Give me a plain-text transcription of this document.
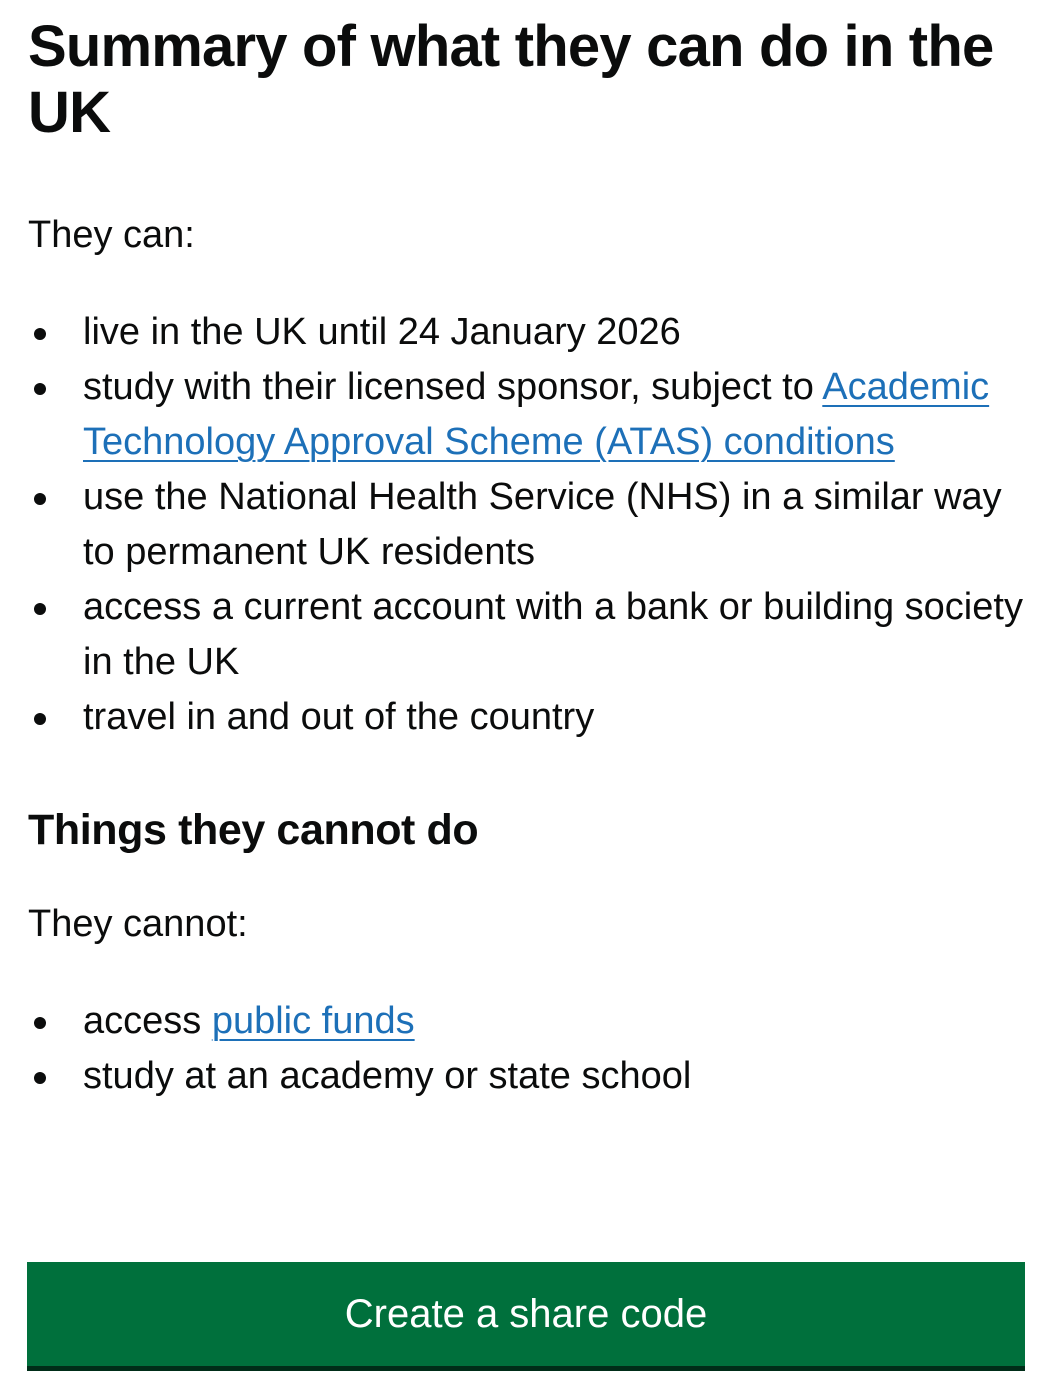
Summary of what they can do in the UK

They can:

live in the UK until 24 January 2026
study with their licensed sponsor, subject to Academic Technology Approval Scheme (ATAS) conditions
use the National Health Service (NHS) in a similar way to permanent UK residents
access a current account with a bank or building society in the UK
travel in and out of the country
Things they cannot do

They cannot:

access public funds
study at an academy or state school
Create a share code
